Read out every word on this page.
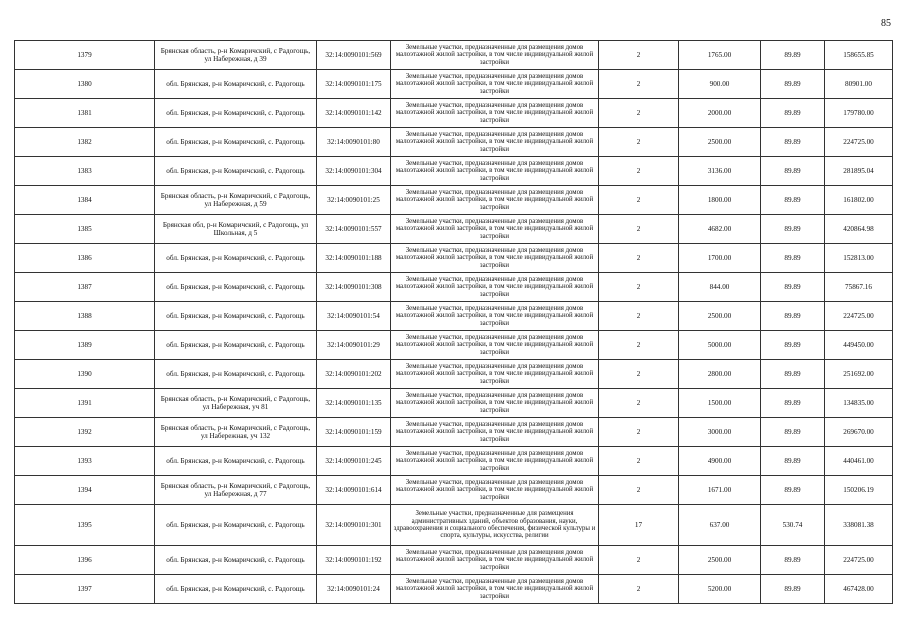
85
1379	Брянская область, р-н Комаричский, с Радогощь, ул Набережная, д 39	32:14:0090101:569	Земельные участки, предназначенные для размещения домов малоэтажной жилой застройки, в том числе индивидуальной жилой застройки	2	1765.00	89.89	158655.85
1380	обл. Брянская, р-н Комаричский, с. Радогощь	32:14:0090101:175	Земельные участки, предназначенные для размещения домов малоэтажной жилой застройки, в том числе индивидуальной жилой застройки	2	900.00	89.89	80901.00
1381	обл. Брянская, р-н Комаричский, с. Радогощь	32:14:0090101:142	Земельные участки, предназначенные для размещения домов малоэтажной жилой застройки, в том числе индивидуальной жилой застройки	2	2000.00	89.89	179780.00
1382	обл. Брянская, р-н Комаричский, с. Радогощь	32:14:0090101:80	Земельные участки, предназначенные для размещения домов малоэтажной жилой застройки, в том числе индивидуальной жилой застройки	2	2500.00	89.89	224725.00
1383	обл. Брянская, р-н Комаричский, с. Радогощь	32:14:0090101:304	Земельные участки, предназначенные для размещения домов малоэтажной жилой застройки, в том числе индивидуальной жилой застройки	2	3136.00	89.89	281895.04
1384	Брянская область, р-н Комаричский, с Радогощь, ул Набережная, д 59	32:14:0090101:25	Земельные участки, предназначенные для размещения домов малоэтажной жилой застройки, в том числе индивидуальной жилой застройки	2	1800.00	89.89	161802.00
1385	Брянская обл, р-н Комаричский, с Радогощь, ул Школьная, д 5	32:14:0090101:557	Земельные участки, предназначенные для размещения домов малоэтажной жилой застройки, в том числе индивидуальной жилой застройки	2	4682.00	89.89	420864.98
1386	обл. Брянская, р-н Комаричский, с. Радогощь	32:14:0090101:188	Земельные участки, предназначенные для размещения домов малоэтажной жилой застройки, в том числе индивидуальной жилой застройки	2	1700.00	89.89	152813.00
1387	обл. Брянская, р-н Комаричский, с. Радогощь	32:14:0090101:308	Земельные участки, предназначенные для размещения домов малоэтажной жилой застройки, в том числе индивидуальной жилой застройки	2	844.00	89.89	75867.16
1388	обл. Брянская, р-н Комаричский, с. Радогощь	32:14:0090101:54	Земельные участки, предназначенные для размещения домов малоэтажной жилой застройки, в том числе индивидуальной жилой застройки	2	2500.00	89.89	224725.00
1389	обл. Брянская, р-н Комаричский, с. Радогощь	32:14:0090101:29	Земельные участки, предназначенные для размещения домов малоэтажной жилой застройки, в том числе индивидуальной жилой застройки	2	5000.00	89.89	449450.00
1390	обл. Брянская, р-н Комаричский, с. Радогощь	32:14:0090101:202	Земельные участки, предназначенные для размещения домов малоэтажной жилой застройки, в том числе индивидуальной жилой застройки	2	2800.00	89.89	251692.00
1391	Брянская область, р-н Комаричский, с Радогощь, ул Набережная, уч 81	32:14:0090101:135	Земельные участки, предназначенные для размещения домов малоэтажной жилой застройки, в том числе индивидуальной жилой застройки	2	1500.00	89.89	134835.00
1392	Брянская область, р-н Комаричский, с Радогощь, ул Набережная, уч 132	32:14:0090101:159	Земельные участки, предназначенные для размещения домов малоэтажной жилой застройки, в том числе индивидуальной жилой застройки	2	3000.00	89.89	269670.00
1393	обл. Брянская, р-н Комаричский, с. Радогощь	32:14:0090101:245	Земельные участки, предназначенные для размещения домов малоэтажной жилой застройки, в том числе индивидуальной жилой застройки	2	4900.00	89.89	440461.00
1394	Брянская область, р-н Комаричский, с Радогощь, ул Набережная, д 77	32:14:0090101:614	Земельные участки, предназначенные для размещения домов малоэтажной жилой застройки, в том числе индивидуальной жилой застройки	2	1671.00	89.89	150206.19
1395	обл. Брянская, р-н Комаричский, с. Радогощь	32:14:0090101:301	Земельные участки, предназначенные для размещения административных зданий, объектов образования, науки, здравоохранения и социального обеспечения, физической культуры и спорта, культуры, искусства, религии	17	637.00	530.74	338081.38
1396	обл. Брянская, р-н Комаричский, с. Радогощь	32:14:0090101:192	Земельные участки, предназначенные для размещения домов малоэтажной жилой застройки, в том числе индивидуальной жилой застройки	2	2500.00	89.89	224725.00
1397	обл. Брянская, р-н Комаричский, с. Радогощь	32:14:0090101:24	Земельные участки, предназначенные для размещения домов малоэтажной жилой застройки, в том числе индивидуальной жилой застройки	2	5200.00	89.89	467428.00
